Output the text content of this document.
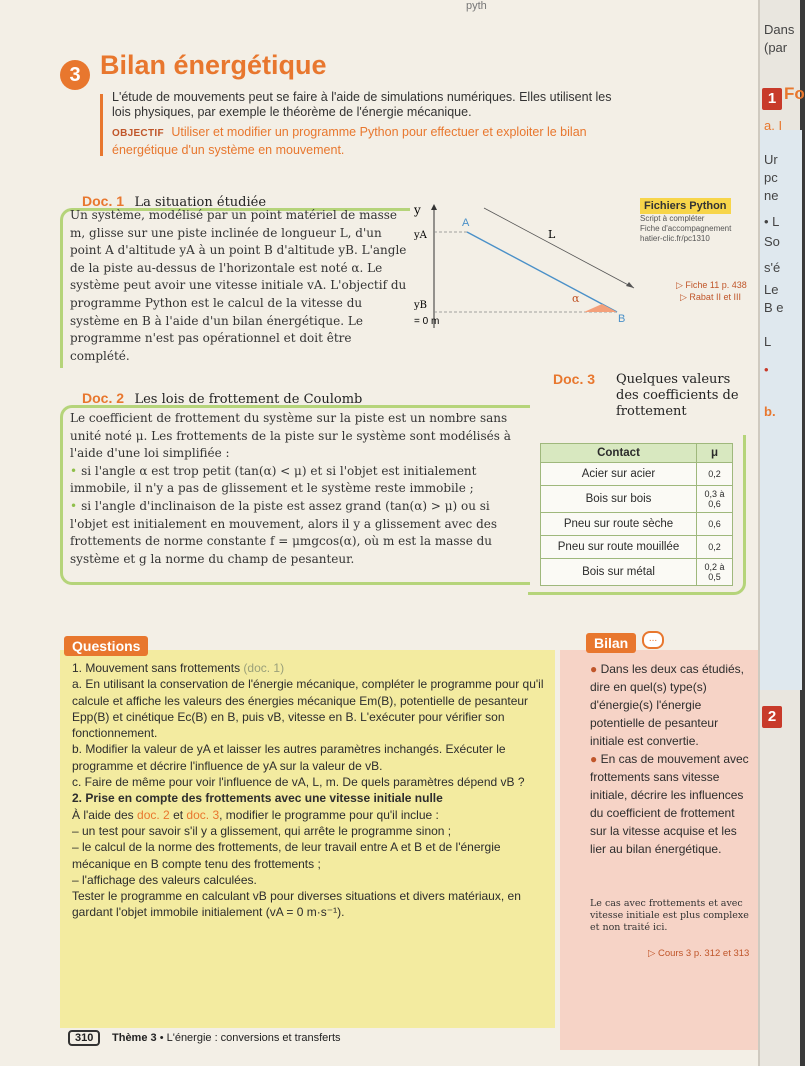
pyth
3 Bilan énergétique
L'étude de mouvements peut se faire à l'aide de simulations numériques. Elles utilisent les lois physiques, par exemple le théorème de l'énergie mécanique.
OBJECTIF Utiliser et modifier un programme Python pour effectuer et exploiter le bilan énergétique d'un système en mouvement.
Doc. 1 La situation étudiée
Un système, modélisé par un point matériel de masse m, glisse sur une piste inclinée de longueur L, d'un point A d'altitude yA à un point B d'altitude yB. L'angle de la piste au-dessus de l'horizontale est noté α. Le système peut avoir une vitesse initiale vA. L'objectif du programme Python est le calcul de la vitesse du système en B à l'aide d'un bilan énergétique. Le programme n'est pas opérationnel et doit être complété.
y
yA
yB
= 0 m
A
B
L
α
Fichiers Python
Script à compléter
Fiche d'accompagnement
hatier-clic.fr/pc1310
▷ Fiche 11 p. 438
▷ Rabat II et III
Doc. 2 Les lois de frottement de Coulomb
Le coefficient de frottement du système sur la piste est un nombre sans unité noté μ. Les frottements de la piste sur le système sont modélisés à l'aide d'une loi simplifiée :
• si l'angle α est trop petit (tan(α) < μ) et si l'objet est initialement immobile, il n'y a pas de glissement et le système reste immobile ;
• si l'angle d'inclinaison de la piste est assez grand (tan(α) > μ) ou si l'objet est initialement en mouvement, alors il y a glissement avec des frottements de norme constante f = μmgcos(α), où m est la masse du système et g la norme du champ de pesanteur.
Doc. 3	Quelques valeurs des coefficients de frottement
Contact	μ
Acier sur acier	0,2
Bois sur bois	0,3 à 0,6
Pneu sur route sèche	0,6
Pneu sur route mouillée	0,2
Bois sur métal	0,2 à 0,5
Questions
1. Mouvement sans frottements (doc. 1)
a. En utilisant la conservation de l'énergie mécanique, compléter le programme pour qu'il calcule et affiche les valeurs des énergies mécanique Em(B), potentielle de pesanteur Epp(B) et cinétique Ec(B) en B, puis vB, vitesse en B. L'exécuter pour vérifier son fonctionnement.
b. Modifier la valeur de yA et laisser les autres paramètres inchangés. Exécuter le programme et décrire l'influence de yA sur la valeur de vB.
c. Faire de même pour voir l'influence de vA, L, m. De quels paramètres dépend vB ?
2. Prise en compte des frottements avec une vitesse initiale nulle
À l'aide des doc. 2 et doc. 3, modifier le programme pour qu'il inclue :
– un test pour savoir s'il y a glissement, qui arrête le programme sinon ;
– le calcul de la norme des frottements, de leur travail entre A et B et de l'énergie mécanique en B compte tenu des frottements ;
– l'affichage des valeurs calculées.
Tester le programme en calculant vB pour diverses situations et divers matériaux, en gardant l'objet immobile initialement (vA = 0 m·s⁻¹).
Bilan	...
● Dans les deux cas étudiés, dire en quel(s) type(s) d'énergie(s) l'énergie potentielle de pesanteur initiale est convertie.
● En cas de mouvement avec frottements sans vitesse initiale, décrire les influences du coefficient de frottement sur la vitesse acquise et les lier au bilan énergétique.
Le cas avec frottements et avec vitesse initiale est plus complexe et non traité ici.
▷ Cours 3 p. 312 et 313
310	Thème 3 • L'énergie : conversions et transferts
Dans
(par
1 Fo
a. I
Ur
pc
ne
• L
So
s'é
Le
B e
L
•
b.
2
